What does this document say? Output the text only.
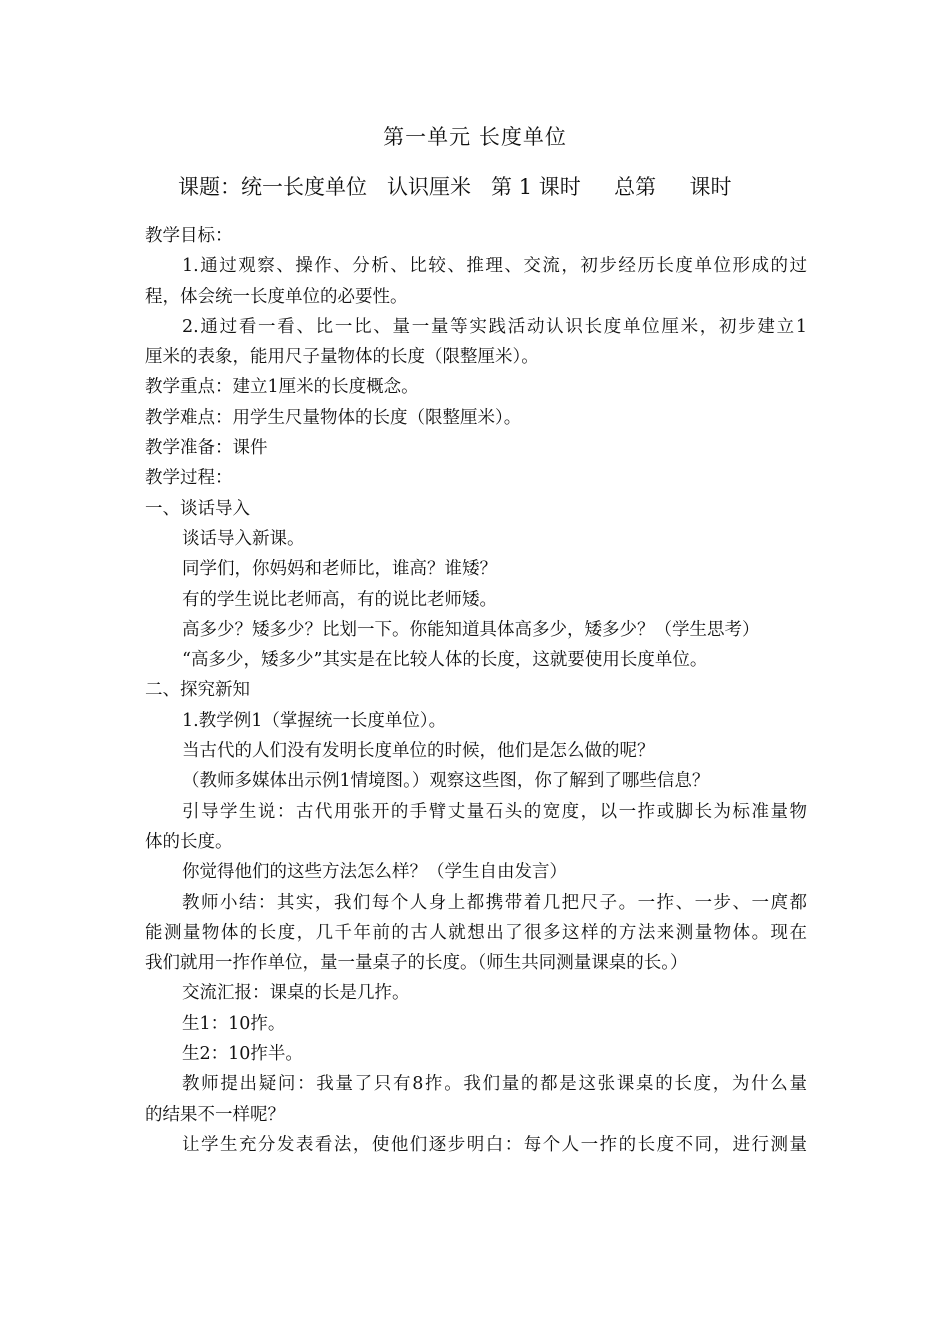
第一单元 长度单位
课题：统一长度单位   认识厘米   第 1 课时     总第     课时
教学目标：
1.通过观察、操作、分析、比较、推理、交流，初步经历长度单位形成的过
程，体会统一长度单位的必要性。
2.通过看一看、比一比、量一量等实践活动认识长度单位厘米，初步建立1
厘米的表象，能用尺子量物体的长度（限整厘米）。
教学重点：建立1厘米的长度概念。
教学难点：用学生尺量物体的长度（限整厘米）。
教学准备：课件
教学过程：
一、谈话导入
谈话导入新课。
同学们，你妈妈和老师比，谁高？谁矮？
有的学生说比老师高，有的说比老师矮。
高多少？矮多少？比划一下。你能知道具体高多少，矮多少？（学生思考）
“高多少，矮多少”其实是在比较人体的长度，这就要使用长度单位。
二、探究新知
1.教学例1（掌握统一长度单位）。
当古代的人们没有发明长度单位的时候，他们是怎么做的呢？
（教师多媒体出示例1情境图。）观察这些图，你了解到了哪些信息？
引导学生说：古代用张开的手臂丈量石头的宽度，以一拃或脚长为标准量物
体的长度。
你觉得他们的这些方法怎么样？（学生自由发言）
教师小结：其实，我们每个人身上都携带着几把尺子。一拃、一步、一庹都
能测量物体的长度，几千年前的古人就想出了很多这样的方法来测量物体。现在
我们就用一拃作单位，量一量桌子的长度。（师生共同测量课桌的长。）
交流汇报：课桌的长是几拃。
生1：10拃。
生2：10拃半。
教师提出疑问：我量了只有8拃。我们量的都是这张课桌的长度，为什么量
的结果不一样呢？
让学生充分发表看法，使他们逐步明白：每个人一拃的长度不同，进行测量
